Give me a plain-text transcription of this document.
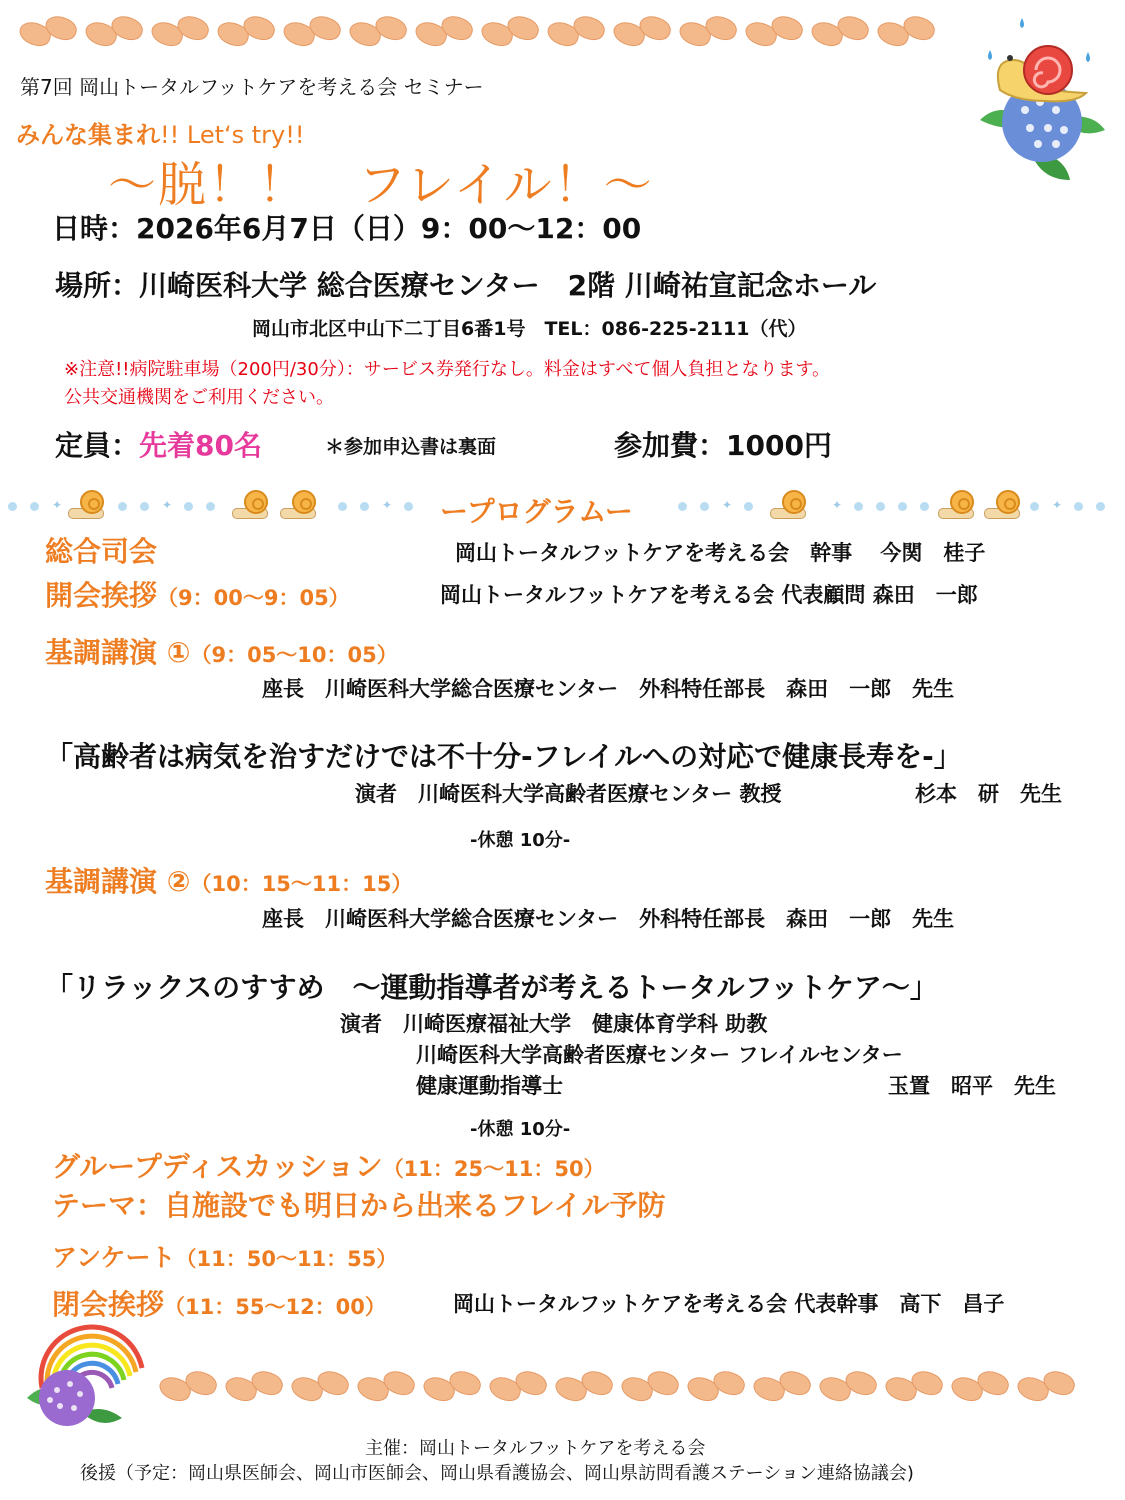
第7回 岡山トータルフットケアを考える会 セミナー
みんな集まれ!! Let‘s try!!
〜脱！！　フレイル！〜
日時：2026年6月7日（日）9：00〜12：00
場所：川崎医科大学 総合医療センター　2階 川崎祐宣記念ホール
岡山市北区中山下二丁目6番1号　TEL：086-225-2111（代）
※注意!!病院駐車場（200円/30分）：サービス券発行なし。料金はすべて個人負担となります。
公共交通機関をご利用ください。
定員：先着80名	＊参加申込書は裏面	参加費：1000円
✦	✦	✦ ープログラムー	✦	✦	✦
総合司会	岡山トータルフットケアを考える会　幹事　 今関　桂子
開会挨拶（9：00〜9：05）	岡山トータルフットケアを考える会 代表顧問 森田　一郎
基調講演 ①（9：05〜10：05）
座長　川崎医科大学総合医療センター　外科特任部長　森田　一郎　先生
「高齢者は病気を治すだけでは不十分-フレイルへの対応で健康長寿を-」
演者　川崎医科大学高齢者医療センター 教授	杉本　研　先生
-休憩 10分-
基調講演 ②（10：15〜11：15）
座長　川崎医科大学総合医療センター　外科特任部長　森田　一郎　先生
「リラックスのすすめ　〜運動指導者が考えるトータルフットケア〜」
演者　川崎医療福祉大学　健康体育学科 助教
川崎医科大学高齢者医療センター フレイルセンター
健康運動指導士	玉置　昭平　先生
-休憩 10分-
グループディスカッション（11：25〜11：50）
テーマ：自施設でも明日から出来るフレイル予防
アンケート（11：50〜11：55）
閉会挨拶（11：55〜12：00）	岡山トータルフットケアを考える会 代表幹事　高下　昌子
主催：岡山トータルフットケアを考える会
後援（予定：岡山県医師会、岡山市医師会、岡山県看護協会、岡山県訪問看護ステーション連絡協議会)
